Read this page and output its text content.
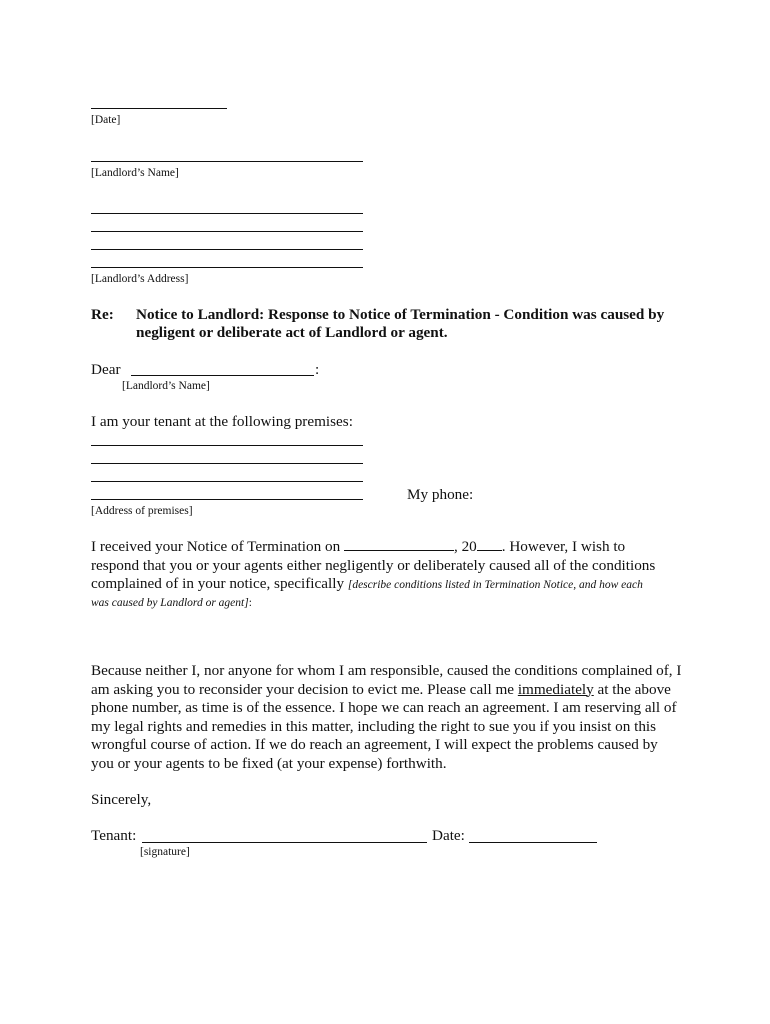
[Date]
[Landlord’s Name]
[Landlord’s Address]
Re: Notice to Landlord: Response to Notice of Termination - Condition was caused by
negligent or deliberate act of Landlord or agent.
Dear	:
[Landlord’s Name]
I am your tenant at the following premises:
My phone:
[Address of premises]
I received your Notice of Termination on	, 20 . However, I wish to
respond that you or your agents either negligently or deliberately caused all of the conditions
complained of in your notice, specifically [describe conditions listed in Termination Notice, and how each
was caused by Landlord or agent]:
Because neither I, nor anyone for whom I am responsible, caused the conditions complained of, I
am asking you to reconsider your decision to evict me. Please call me immediately at the above
phone number, as time is of the essence. I hope we can reach an agreement. I am reserving all of
my legal rights and remedies in this matter, including the right to sue you if you insist on this
wrongful course of action. If we do reach an agreement, I will expect the problems caused by
you or your agents to be fixed (at your expense) forthwith.
Sincerely,
Tenant:	Date:
[signature]
